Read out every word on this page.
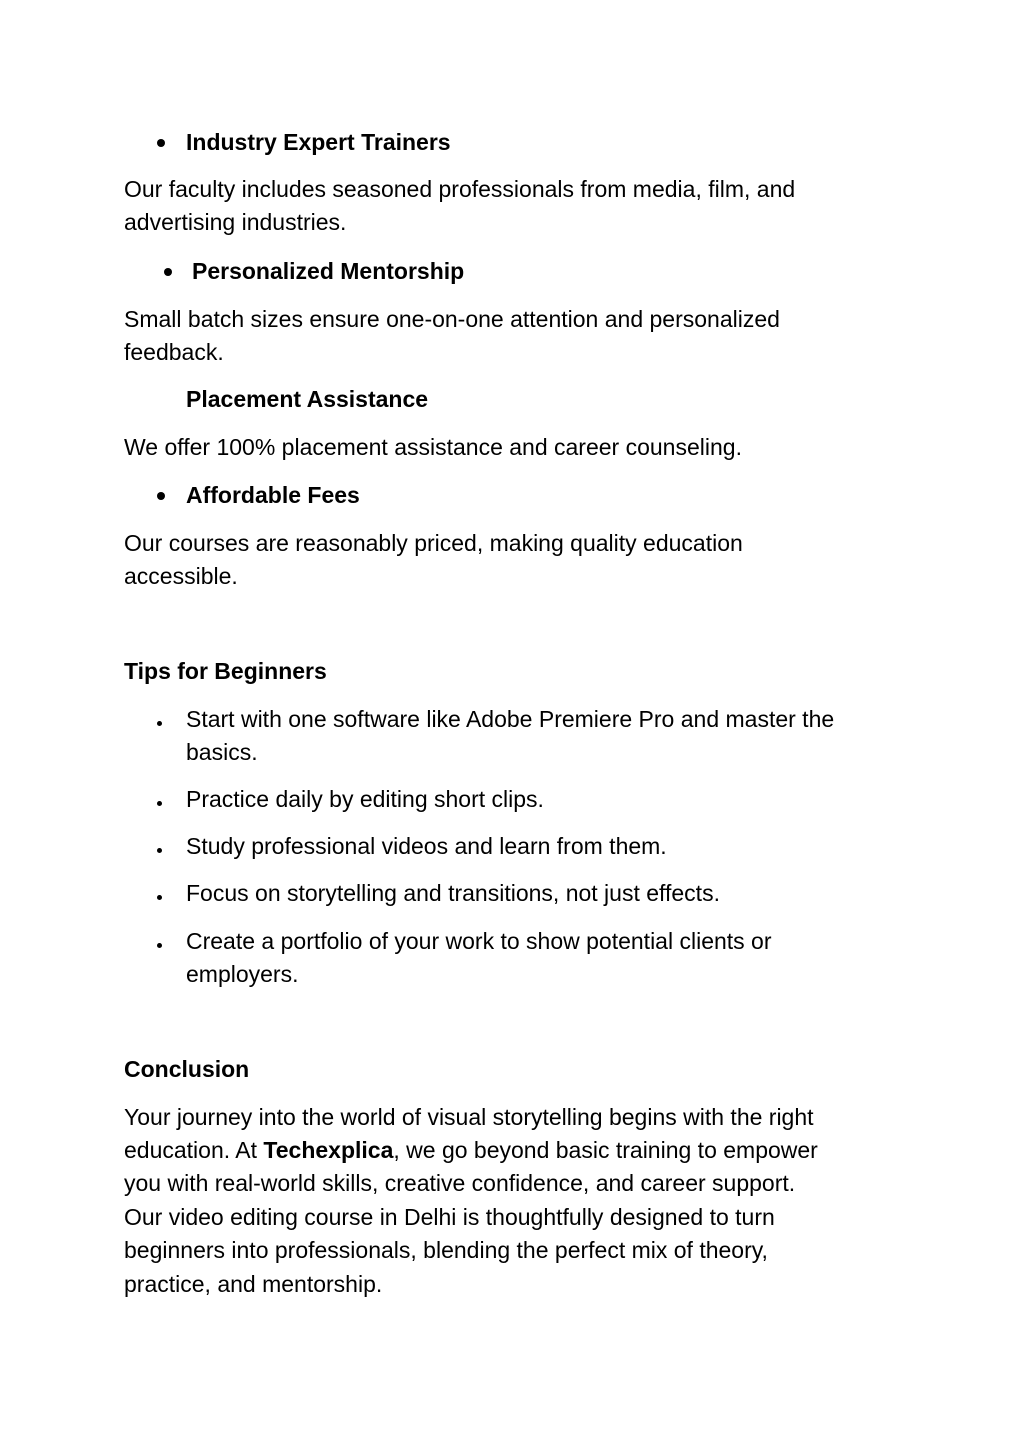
Industry Expert Trainers

Our faculty includes seasoned professionals from media, film, and

advertising industries.

Personalized Mentorship

Small batch sizes ensure one-on-one attention and personalized

feedback.

Placement Assistance

We offer 100% placement assistance and career counseling.

Affordable Fees

Our courses are reasonably priced, making quality education

accessible.

Tips for Beginners

Start with one software like Adobe Premiere Pro and master the

basics.

Practice daily by editing short clips.

Study professional videos and learn from them.

Focus on storytelling and transitions, not just effects.

Create a portfolio of your work to show potential clients or

employers.

Conclusion

Your journey into the world of visual storytelling begins with the right

education. At Techexplica, we go beyond basic training to empower

you with real-world skills, creative confidence, and career support.

Our video editing course in Delhi is thoughtfully designed to turn

beginners into professionals, blending the perfect mix of theory,

practice, and mentorship.
